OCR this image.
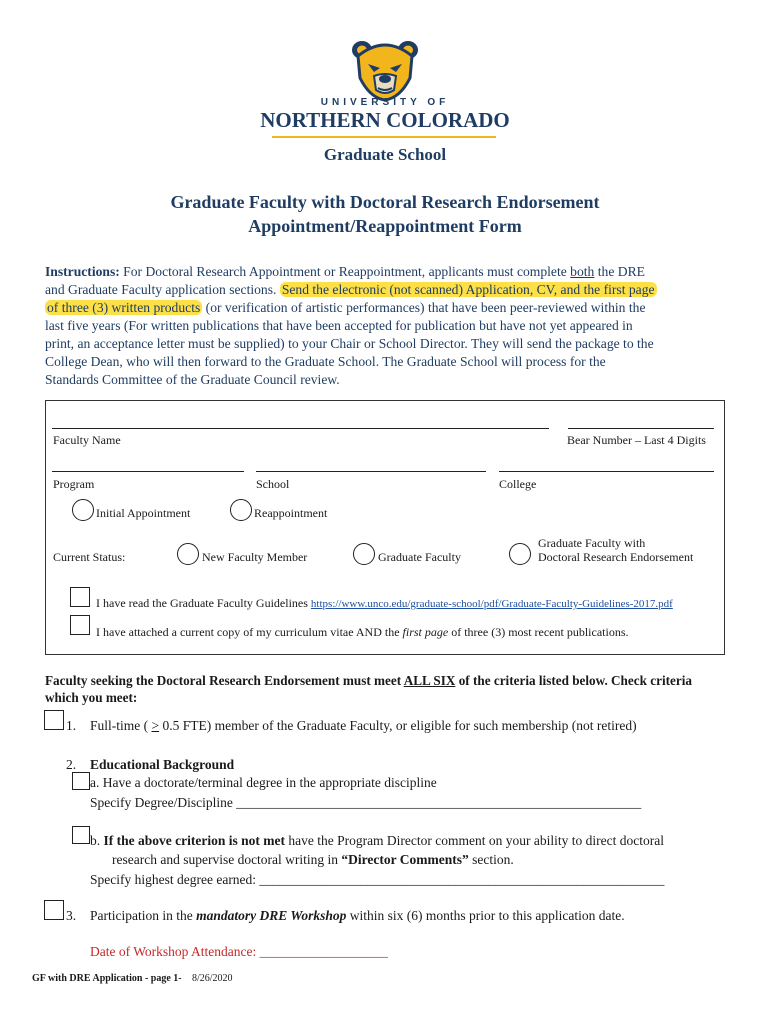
UNIVERSITY OF
NORTHERN COLORADO
Graduate School
Graduate Faculty with Doctoral Research Endorsement
Appointment/Reappointment Form
Instructions: For Doctoral Research Appointment or Reappointment, applicants must complete both the DRE
and Graduate Faculty application sections. Send the electronic (not scanned) Application, CV, and the first page
of three (3) written products (or verification of artistic performances) that have been peer-reviewed within the
last five years (For written publications that have been accepted for publication but have not yet appeared in
print, an acceptance letter must be supplied) to your Chair or School Director. They will send the package to the
College Dean, who will then forward to the Graduate School. The Graduate School will process for the
Standards Committee of the Graduate Council review.
Faculty Name	Bear Number – Last 4 Digits
Program	School	College
Initial Appointment	Reappointment
Current Status:	New Faculty Member	Graduate Faculty
Graduate Faculty with
Doctoral Research Endorsement
I have read the Graduate Faculty Guidelines https://www.unco.edu/graduate-school/pdf/Graduate-Faculty-Guidelines-2017.pdf
I have attached a current copy of my curriculum vitae AND the first page of three (3) most recent publications.
Faculty seeking the Doctoral Research Endorsement must meet ALL SIX of the criteria listed below. Check criteria
which you meet:
1. Full-time ( > 0.5 FTE) member of the Graduate Faculty, or eligible for such membership (not retired)
2. Educational Background
a. Have a doctorate/terminal degree in the appropriate discipline
Specify Degree/Discipline ____________________________________________________________
b. If the above criterion is not met have the Program Director comment on your ability to direct doctoral
research and supervise doctoral writing in “Director Comments” section.
Specify highest degree earned: ____________________________________________________________
3. Participation in the mandatory DRE Workshop within six (6) months prior to this application date.
Date of Workshop Attendance: ___________________
GF with DRE Application - page 1- 8/26/2020
